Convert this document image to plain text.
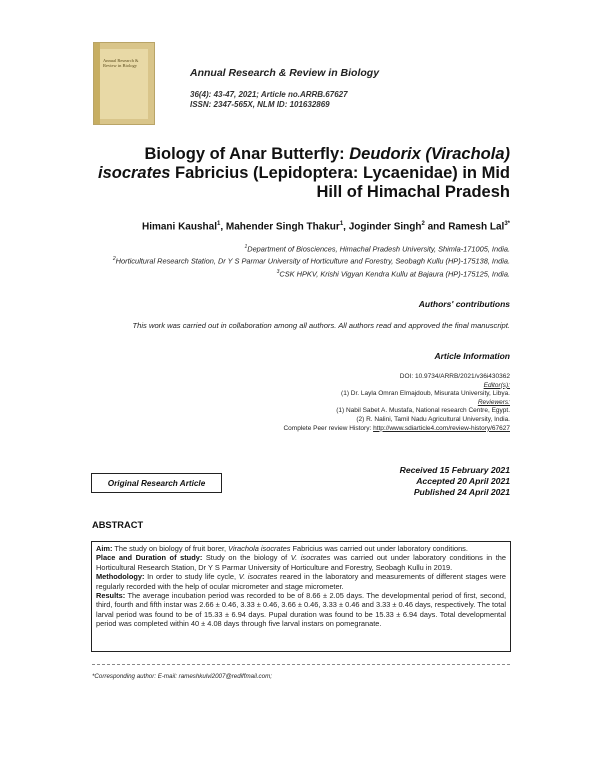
Annual Research & Review in Biology
Annual Research & Review in Biology
36(4): 43-47, 2021; Article no.ARRB.67627
ISSN: 2347-565X, NLM ID: 101632869
Biology of Anar Butterfly: Deudorix (Virachola) isocrates Fabricius (Lepidoptera: Lycaenidae) in Mid Hill of Himachal Pradesh
Himani Kaushal$^1$, Mahender Singh Thakur$^1$, Joginder Singh$^2$ and Ramesh Lal$^{3*}$
$^1$Department of Biosciences, Himachal Pradesh University, Shimla-171005, India.
$^2$Horticultural Research Station, Dr Y S Parmar University of Horticulture and Forestry, Seobagh Kullu (HP)-175138, India.
$^3$CSK HPKV, Krishi Vigyan Kendra Kullu at Bajaura (HP)-175125, India.
Authors' contributions
This work was carried out in collaboration among all authors. All authors read and approved the final manuscript.
Article Information
DOI: 10.9734/ARRB/2021/v36i430362
Editor(s):
(1) Dr. Layla Omran Elmajdoub, Misurata University, Libya.
Reviewers:
(1) Nabil Sabet A. Mustafa, National research Centre, Egypt.
(2) R. Nalini, Tamil Nadu Agricultural University, India.
Complete Peer review History: http://www.sdiarticle4.com/review-history/67627
Original Research Article
Received 15 February 2021
Accepted 20 April 2021
Published 24 April 2021
ABSTRACT

Aim: The study on biology of fruit borer, Virachola isocrates Fabricius was carried out under laboratory conditions.

Place and Duration of study: Study on the biology of V. isocrates was carried out under laboratory conditions in the Horticultural Research Station, Dr Y S Parmar University of Horticulture and Forestry, Seobagh Kullu in 2019.

Methodology: In order to study life cycle, V. isocrates reared in the laboratory and measurements of different stages were regularly recorded with the help of ocular micrometer and stage micrometer.

Results: The average incubation period was recorded to be of 8.66 ± 2.05 days. The developmental period of first, second, third, fourth and fifth instar was 2.66 ± 0.46, 3.33 ± 0.46, 3.66 ± 0.46, 3.33 ± 0.46 and 3.33 ± 0.46 days, respectively. The total larval period was found to be of 15.33 ± 6.94 days. Pupal duration was found to be 15.33 ± 6.94 days. Total developmental period was completed within 40 ± 4.08 days through five larval instars on pomegranate.

*Corresponding author: E-mail: rameshkulvi2007@rediffmail.com;
